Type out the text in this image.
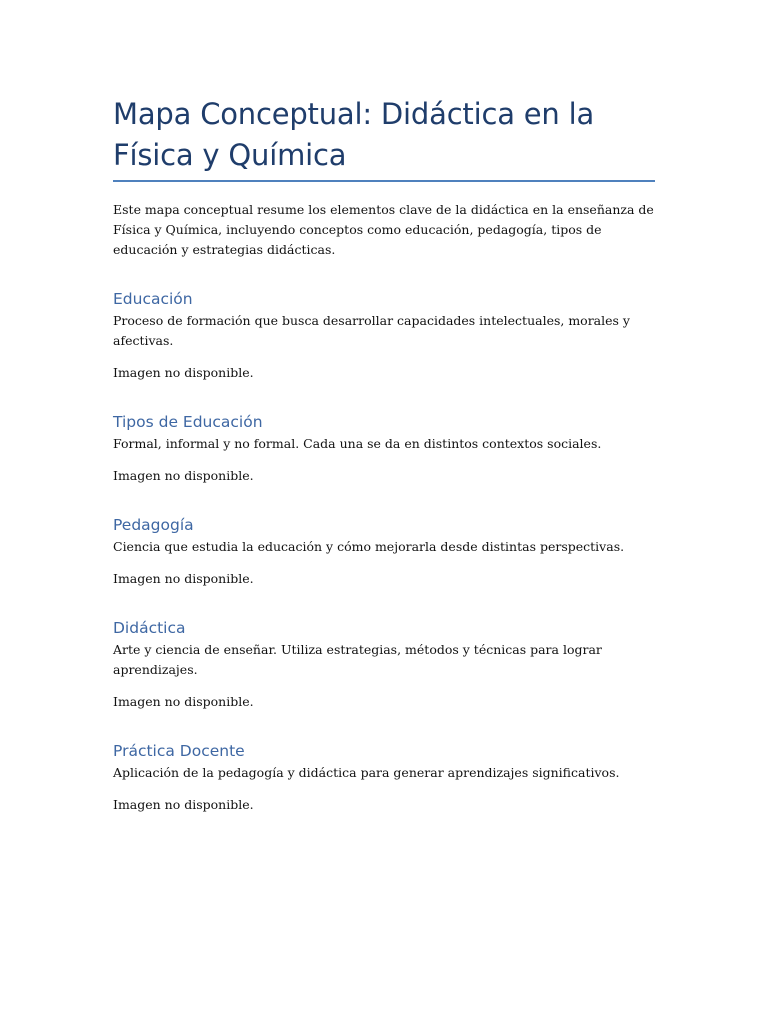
Mapa Conceptual: Didáctica en la Física y Química

Este mapa conceptual resume los elementos clave de la didáctica en la enseñanza de Física y Química, incluyendo conceptos como educación, pedagogía, tipos de educación y estrategias didácticas.

Educación

Proceso de formación que busca desarrollar capacidades intelectuales, morales y afectivas.

Imagen no disponible.

Tipos de Educación

Formal, informal y no formal. Cada una se da en distintos contextos sociales.

Imagen no disponible.

Pedagogía

Ciencia que estudia la educación y cómo mejorarla desde distintas perspectivas.

Imagen no disponible.

Didáctica

Arte y ciencia de enseñar. Utiliza estrategias, métodos y técnicas para lograr aprendizajes.

Imagen no disponible.

Práctica Docente

Aplicación de la pedagogía y didáctica para generar aprendizajes significativos.

Imagen no disponible.
